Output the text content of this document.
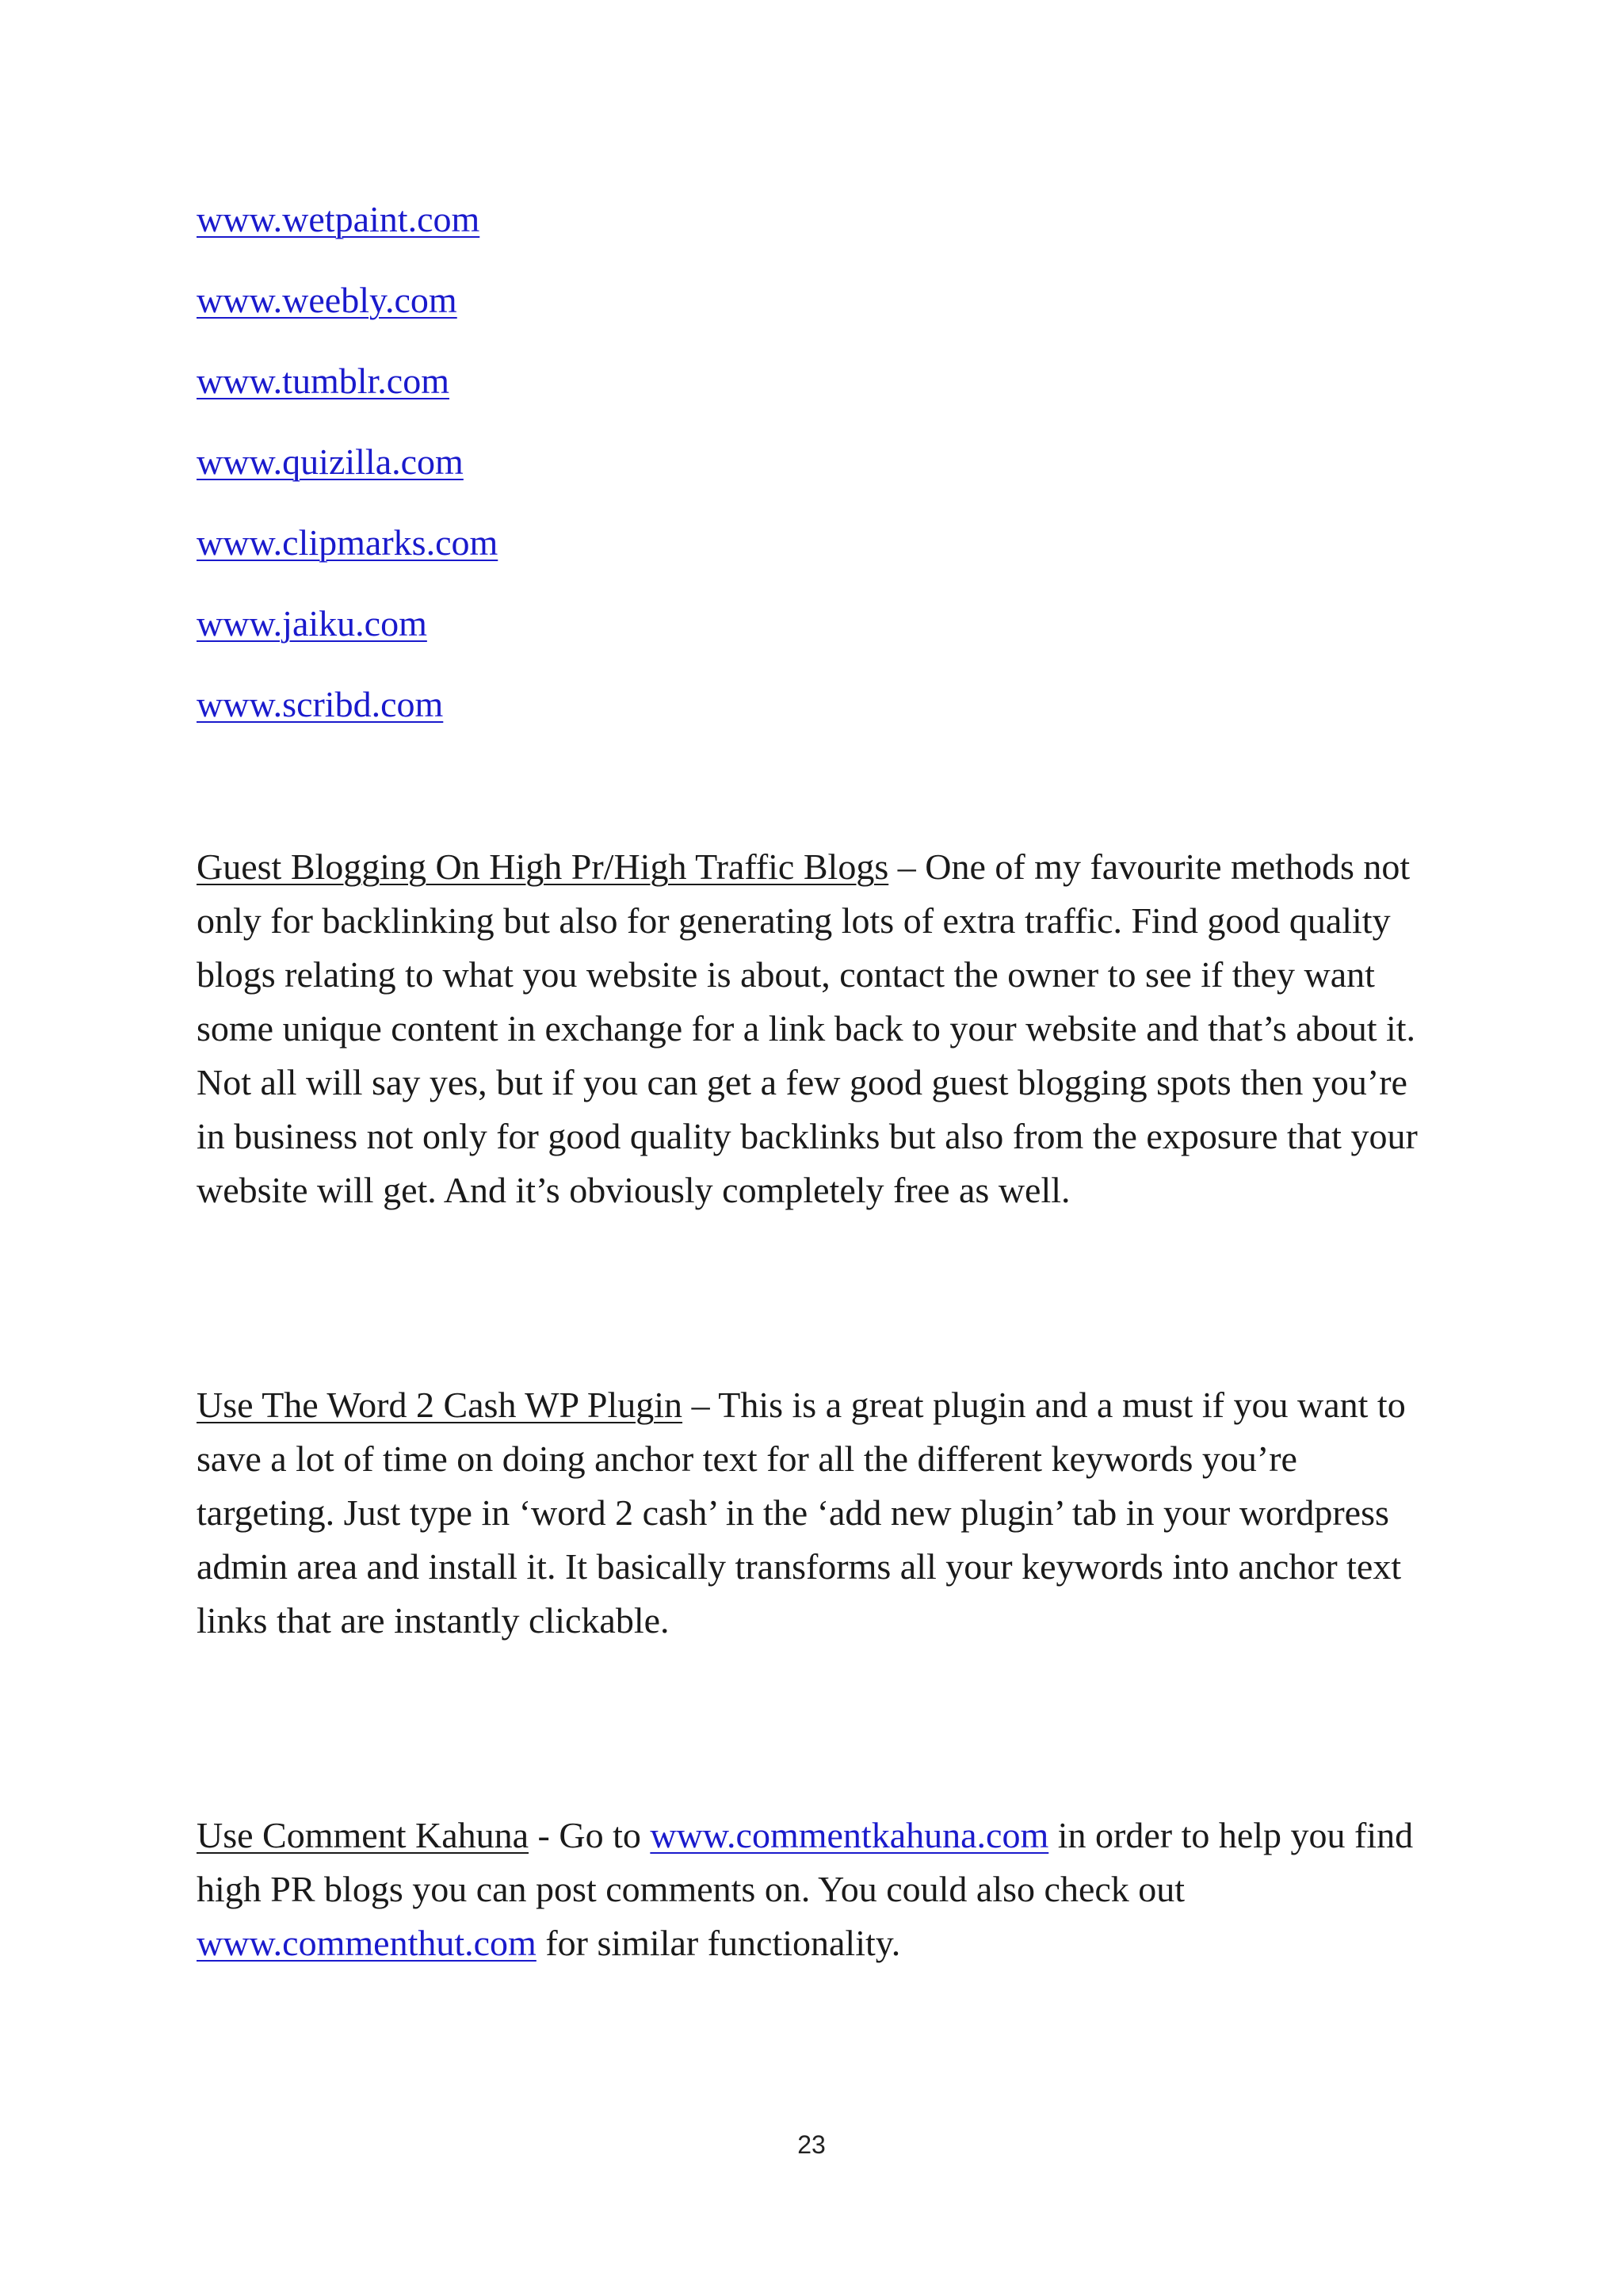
www.wetpaint.com
www.weebly.com
www.tumblr.com
www.quizilla.com
www.clipmarks.com
www.jaiku.com
www.scribd.com

Guest Blogging On High Pr/High Traffic Blogs – One of my favourite methods not only for backlinking but also for generating lots of extra traffic. Find good quality blogs relating to what you website is about, contact the owner to see if they want some unique content in exchange for a link back to your website and that’s about it. Not all will say yes, but if you can get a few good guest blogging spots then you’re in business not only for good quality backlinks but also from the exposure that your website will get. And it’s obviously completely free as well.

Use The Word 2 Cash WP Plugin – This is a great plugin and a must if you want to save a lot of time on doing anchor text for all the different keywords you’re targeting. Just type in ‘word 2 cash’ in the ‘add new plugin’ tab in your wordpress admin area and install it. It basically transforms all your keywords into anchor text links that are instantly clickable.

Use Comment Kahuna - Go to www.commentkahuna.com in order to help you find high PR blogs you can post comments on. You could also check out www.commenthut.com for similar functionality.

23
